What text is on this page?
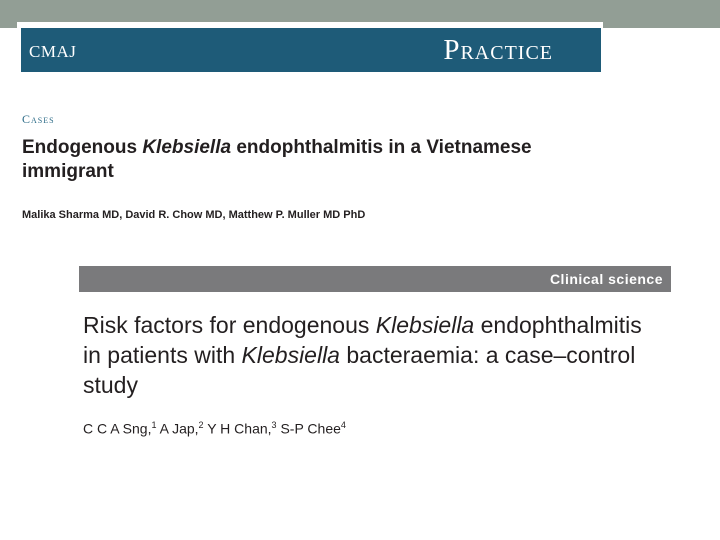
CMAJ	Practice
Cases
Endogenous Klebsiella endophthalmitis in a Vietnamese immigrant
Malika Sharma MD, David R. Chow MD, Matthew P. Muller MD PhD
Clinical science
Risk factors for endogenous Klebsiella endophthalmitis in patients with Klebsiella bacteraemia: a case–control study
C C A Sng,$^1$ A Jap,$^2$ Y H Chan,$^3$ S-P Chee$^4$
